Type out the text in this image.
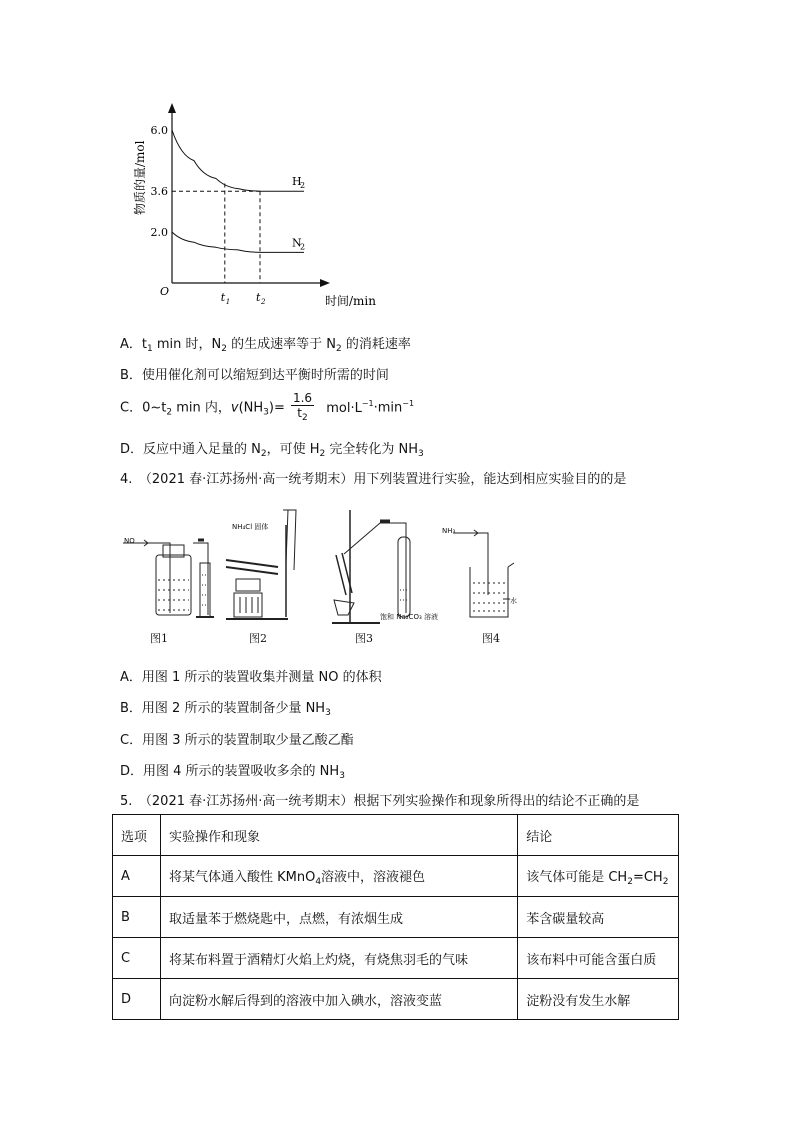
6.0
3.6
2.0
H
2
N
2
t 1 t 2
O
时间/min
物质的量/mol
A．$t_1$ min 时，$N_2$ 的生成速率等于 $N_2$ 的消耗速率
B．使用催化剂可以缩短到达平衡时所需的时间
C．$0\sim t_2$ min 内，$v(NH_3)= \frac{1.6}{t_2} mol\cdot L^{-1}\cdot\min^{-1}$
D．反应中通入足量的 $N_2$，可使 $H_2$ 完全转化为 $NH_3$
4.　（2021 春·江苏扬州·高一统考期末）用下列装置进行实验，能达到相应实验目的的是
NO
NH₄Cl 固体
饱和 Na₂CO₃ 溶液
NH₃
水
图1	图2	图3	图4
A．用图 1 所示的装置收集并测量 NO 的体积
B．用图 2 所示的装置制备少量 $NH_3$
C．用图 3 所示的装置制取少量乙酸乙酯
D．用图 4 所示的装置吸收多余的 $NH_3$
5.　（2021 春·江苏扬州·高一统考期末）根据下列实验操作和现象所得出的结论不正确的是
选项	实验操作和现象	结论
A	将某气体通入酸性 KMnO$_4$溶液中，溶液褪色	该气体可能是 $CH_2=CH_2$
B	取适量苯于燃烧匙中，点燃，有浓烟生成	苯含碳量较高
C	将某布料置于酒精灯火焰上灼烧，有烧焦羽毛的气味	该布料中可能含蛋白质
D	向淀粉水解后得到的溶液中加入碘水，溶液变蓝	淀粉没有发生水解
